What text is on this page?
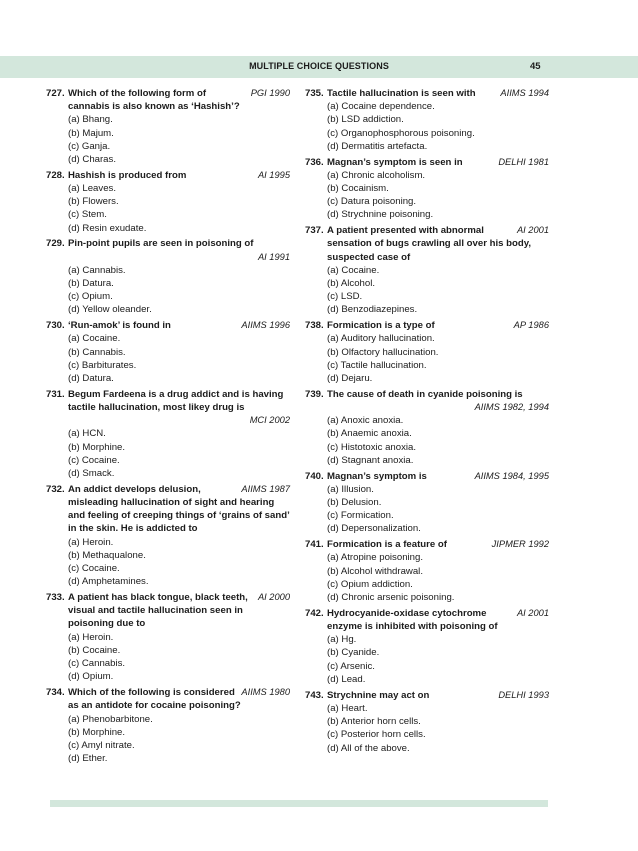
MULTIPLE CHOICE QUESTIONS	45
727.	PGI 1990
Which of the following form of cannabis is also known as ‘Hashish’?
(a) Bhang.
(b) Majum.
(c) Ganja.
(d) Charas.
728.	AI 1995
Hashish is produced from
(a) Leaves.
(b) Flowers.
(c) Stem.
(d) Resin exudate.
729. Pin-point pupils are seen in poisoning of
AI 1991
(a) Cannabis.
(b) Datura.
(c) Opium.
(d) Yellow oleander.
730.	AIIMS 1996
‘Run-amok’ is found in
(a) Cocaine.
(b) Cannabis.
(c) Barbiturates.
(d) Datura.
731. Begum Fardeena is a drug addict and is having tactile hallucination, most likey drug is
MCI 2002
(a) HCN.
(b) Morphine.
(c) Cocaine.
(d) Smack.
732.	AIIMS 1987
An addict develops delusion, misleading hallucination of sight and hearing and feeling of creeping things of ‘grains of sand’ in the skin. He is addicted to
(a) Heroin.
(b) Methaqualone.
(c) Cocaine.
(d) Amphetamines.
733.	AI 2000
A patient has black tongue, black teeth, visual and tactile hallucination seen in poisoning due to
(a) Heroin.
(b) Cocaine.
(c) Cannabis.
(d) Opium.
734.	AIIMS 1980
Which of the following is considered as an antidote for cocaine poisoning?
(a) Phenobarbitone.
(b) Morphine.
(c) Amyl nitrate.
(d) Ether.
735.	AIIMS 1994
Tactile hallucination is seen with
(a) Cocaine dependence.
(b) LSD addiction.
(c) Organophosphorous poisoning.
(d) Dermatitis artefacta.
736.	DELHI 1981
Magnan’s symptom is seen in
(a) Chronic alcoholism.
(b) Cocainism.
(c) Datura poisoning.
(d) Strychnine poisoning.
737.	AI 2001
A patient presented with abnormal sensation of bugs crawling all over his body, suspected case of
(a) Cocaine.
(b) Alcohol.
(c) LSD.
(d) Benzodiazepines.
738.	AP 1986
Formication is a type of
(a) Auditory hallucination.
(b) Olfactory hallucination.
(c) Tactile hallucination.
(d) Dejaru.
739. The cause of death in cyanide poisoning is
AIIMS 1982, 1994
(a) Anoxic anoxia.
(b) Anaemic anoxia.
(c) Histotoxic anoxia.
(d) Stagnant anoxia.
740.	AIIMS 1984, 1995
Magnan’s symptom is
(a) Illusion.
(b) Delusion.
(c) Formication.
(d) Depersonalization.
741.	JIPMER 1992
Formication is a feature of
(a) Atropine poisoning.
(b) Alcohol withdrawal.
(c) Opium addiction.
(d) Chronic arsenic poisoning.
742.	AI 2001
Hydrocyanide-oxidase cytochrome enzyme is inhibited with poisoning of
(a) Hg.
(b) Cyanide.
(c) Arsenic.
(d) Lead.
743.	DELHI 1993
Strychnine may act on
(a) Heart.
(b) Anterior horn cells.
(c) Posterior horn cells.
(d) All of the above.
